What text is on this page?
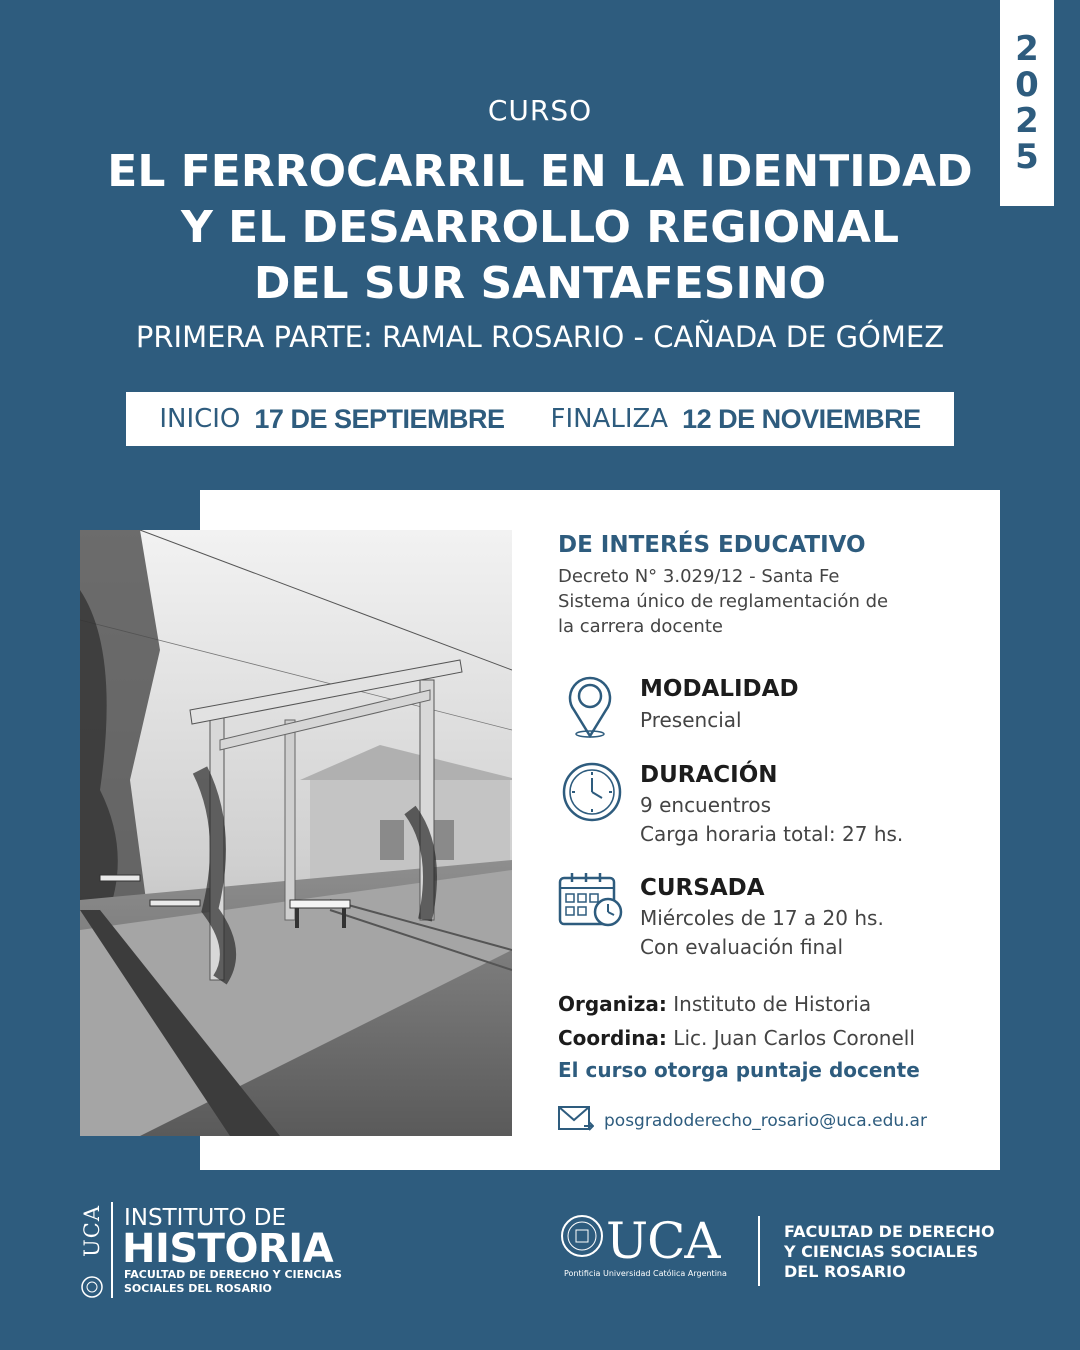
2
0
2
5
CURSO
EL FERROCARRIL EN LA IDENTIDAD
Y EL DESARROLLO REGIONAL
DEL SUR SANTAFESINO
PRIMERA PARTE: RAMAL ROSARIO - CAÑADA DE GÓMEZ
INICIO 17 DE SEPTIEMBRE FINALIZA 12 DE NOVIEMBRE
DE INTERÉS EDUCATIVO
Decreto N° 3.029/12 - Santa Fe
Sistema único de reglamentación de
la carrera docente
MODALIDAD
Presencial
DURACIÓN
9 encuentros
Carga horaria total: 27 hs.
CURSADA
Miércoles de 17 a 20 hs.
Con evaluación final
Organiza: Instituto de Historia
Coordina: Lic. Juan Carlos Coronell
El curso otorga puntaje docente
posgradoderecho_rosario@uca.edu.ar
UCA INSTITUTO DE
HISTORIA
FACULTAD DE DERECHO Y CIENCIAS
SOCIALES DEL ROSARIO
UCA
Pontificia Universidad Católica Argentina
FACULTAD DE DERECHO
Y CIENCIAS SOCIALES
DEL ROSARIO
